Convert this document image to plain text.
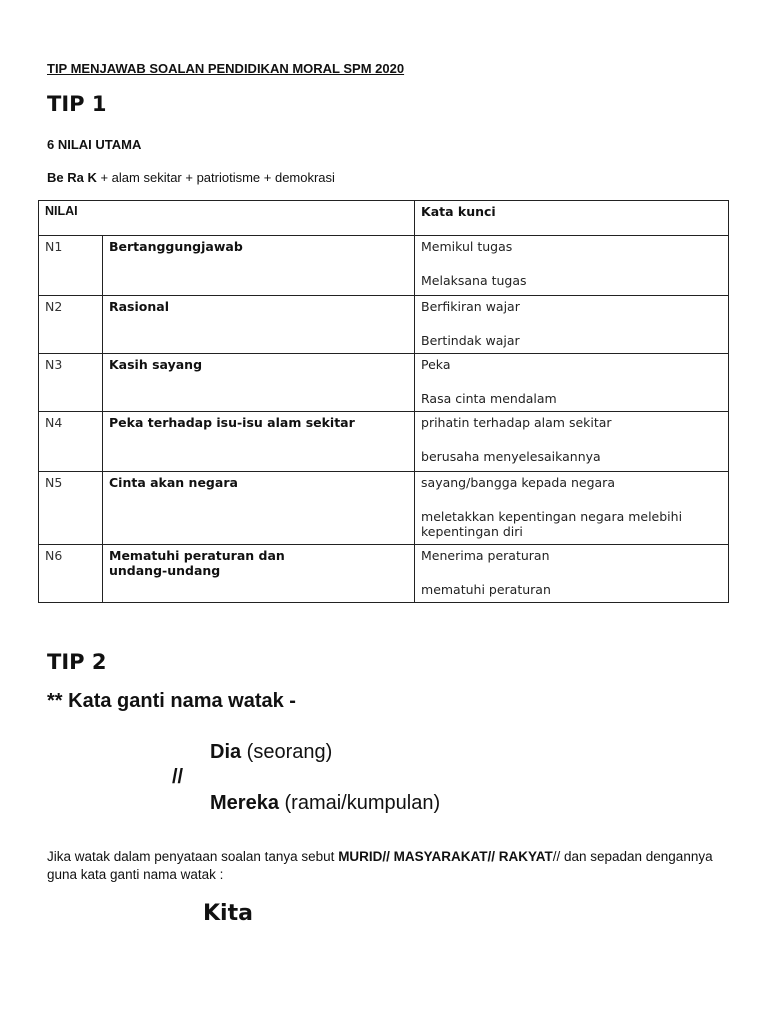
TIP MENJAWAB SOALAN PENDIDIKAN MORAL SPM 2020
TIP 1
6 NILAI UTAMA
Be Ra K + alam sekitar + patriotisme + demokrasi
NILAI		Kata kunci
N1	Bertanggungjawab	Memikul tugas
Melaksana tugas

N2	Rasional	Berfikiran wajar
Bertindak wajar

N3	Kasih sayang	Peka
Rasa cinta mendalam

N4	Peka terhadap isu-isu alam sekitar	prihatin terhadap alam sekitar
berusaha menyelesaikannya

N5	Cinta akan negara	sayang/bangga kepada negara
meletakkan kepentingan negara melebihi kepentingan diri

N6	Mematuhi peraturan dan undang-undang	Menerima peraturan
mematuhi peraturan
TIP 2
** Kata ganti nama watak -
Dia (seorang)
//
Mereka (ramai/kumpulan)
Jika watak dalam penyataan soalan tanya sebut MURID// MASYARAKAT// RAKYAT// dan sepadan dengannya guna kata ganti nama watak :
Kita
